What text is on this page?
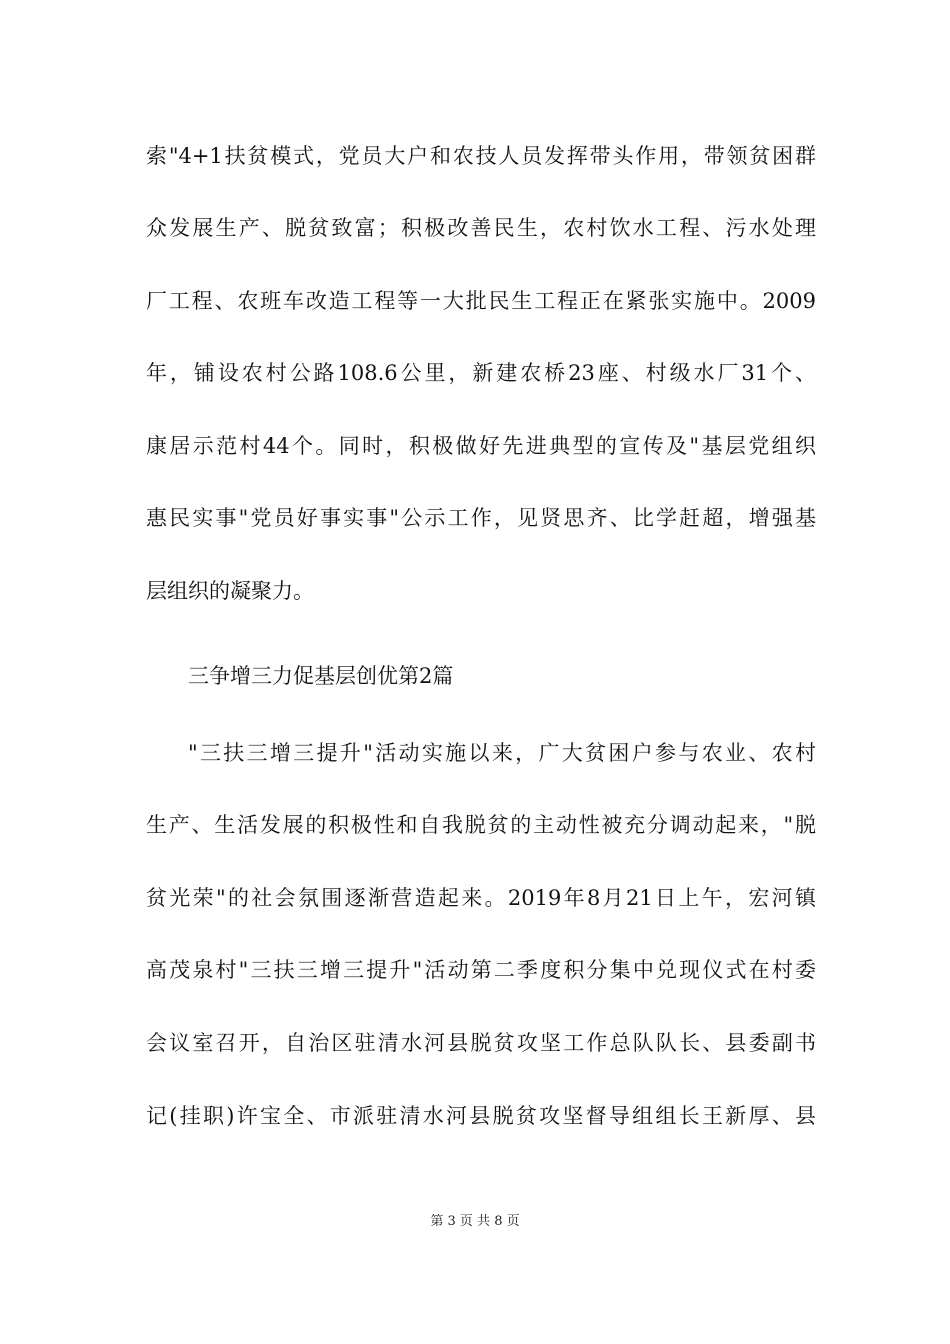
索"4+1扶贫模式，党员大户和农技人员发挥带头作用，带领贫困群
众发展生产、脱贫致富；积极改善民生，农村饮水工程、污水处理
厂工程、农班车改造工程等一大批民生工程正在紧张实施中。2009
年，铺设农村公路108.6公里，新建农桥23座、村级水厂31个、
康居示范村44个。同时，积极做好先进典型的宣传及"基层党组织
惠民实事"党员好事实事"公示工作，见贤思齐、比学赶超，增强基
层组织的凝聚力。
三争增三力促基层创优第2篇
"三扶三增三提升"活动实施以来，广大贫困户参与农业、农村
生产、生活发展的积极性和自我脱贫的主动性被充分调动起来，"脱
贫光荣"的社会氛围逐渐营造起来。2019年8月21日上午，宏河镇
高茂泉村"三扶三增三提升"活动第二季度积分集中兑现仪式在村委
会议室召开，自治区驻清水河县脱贫攻坚工作总队队长、县委副书
记(挂职)许宝全、市派驻清水河县脱贫攻坚督导组组长王新厚、县
第 3 页 共 8 页
